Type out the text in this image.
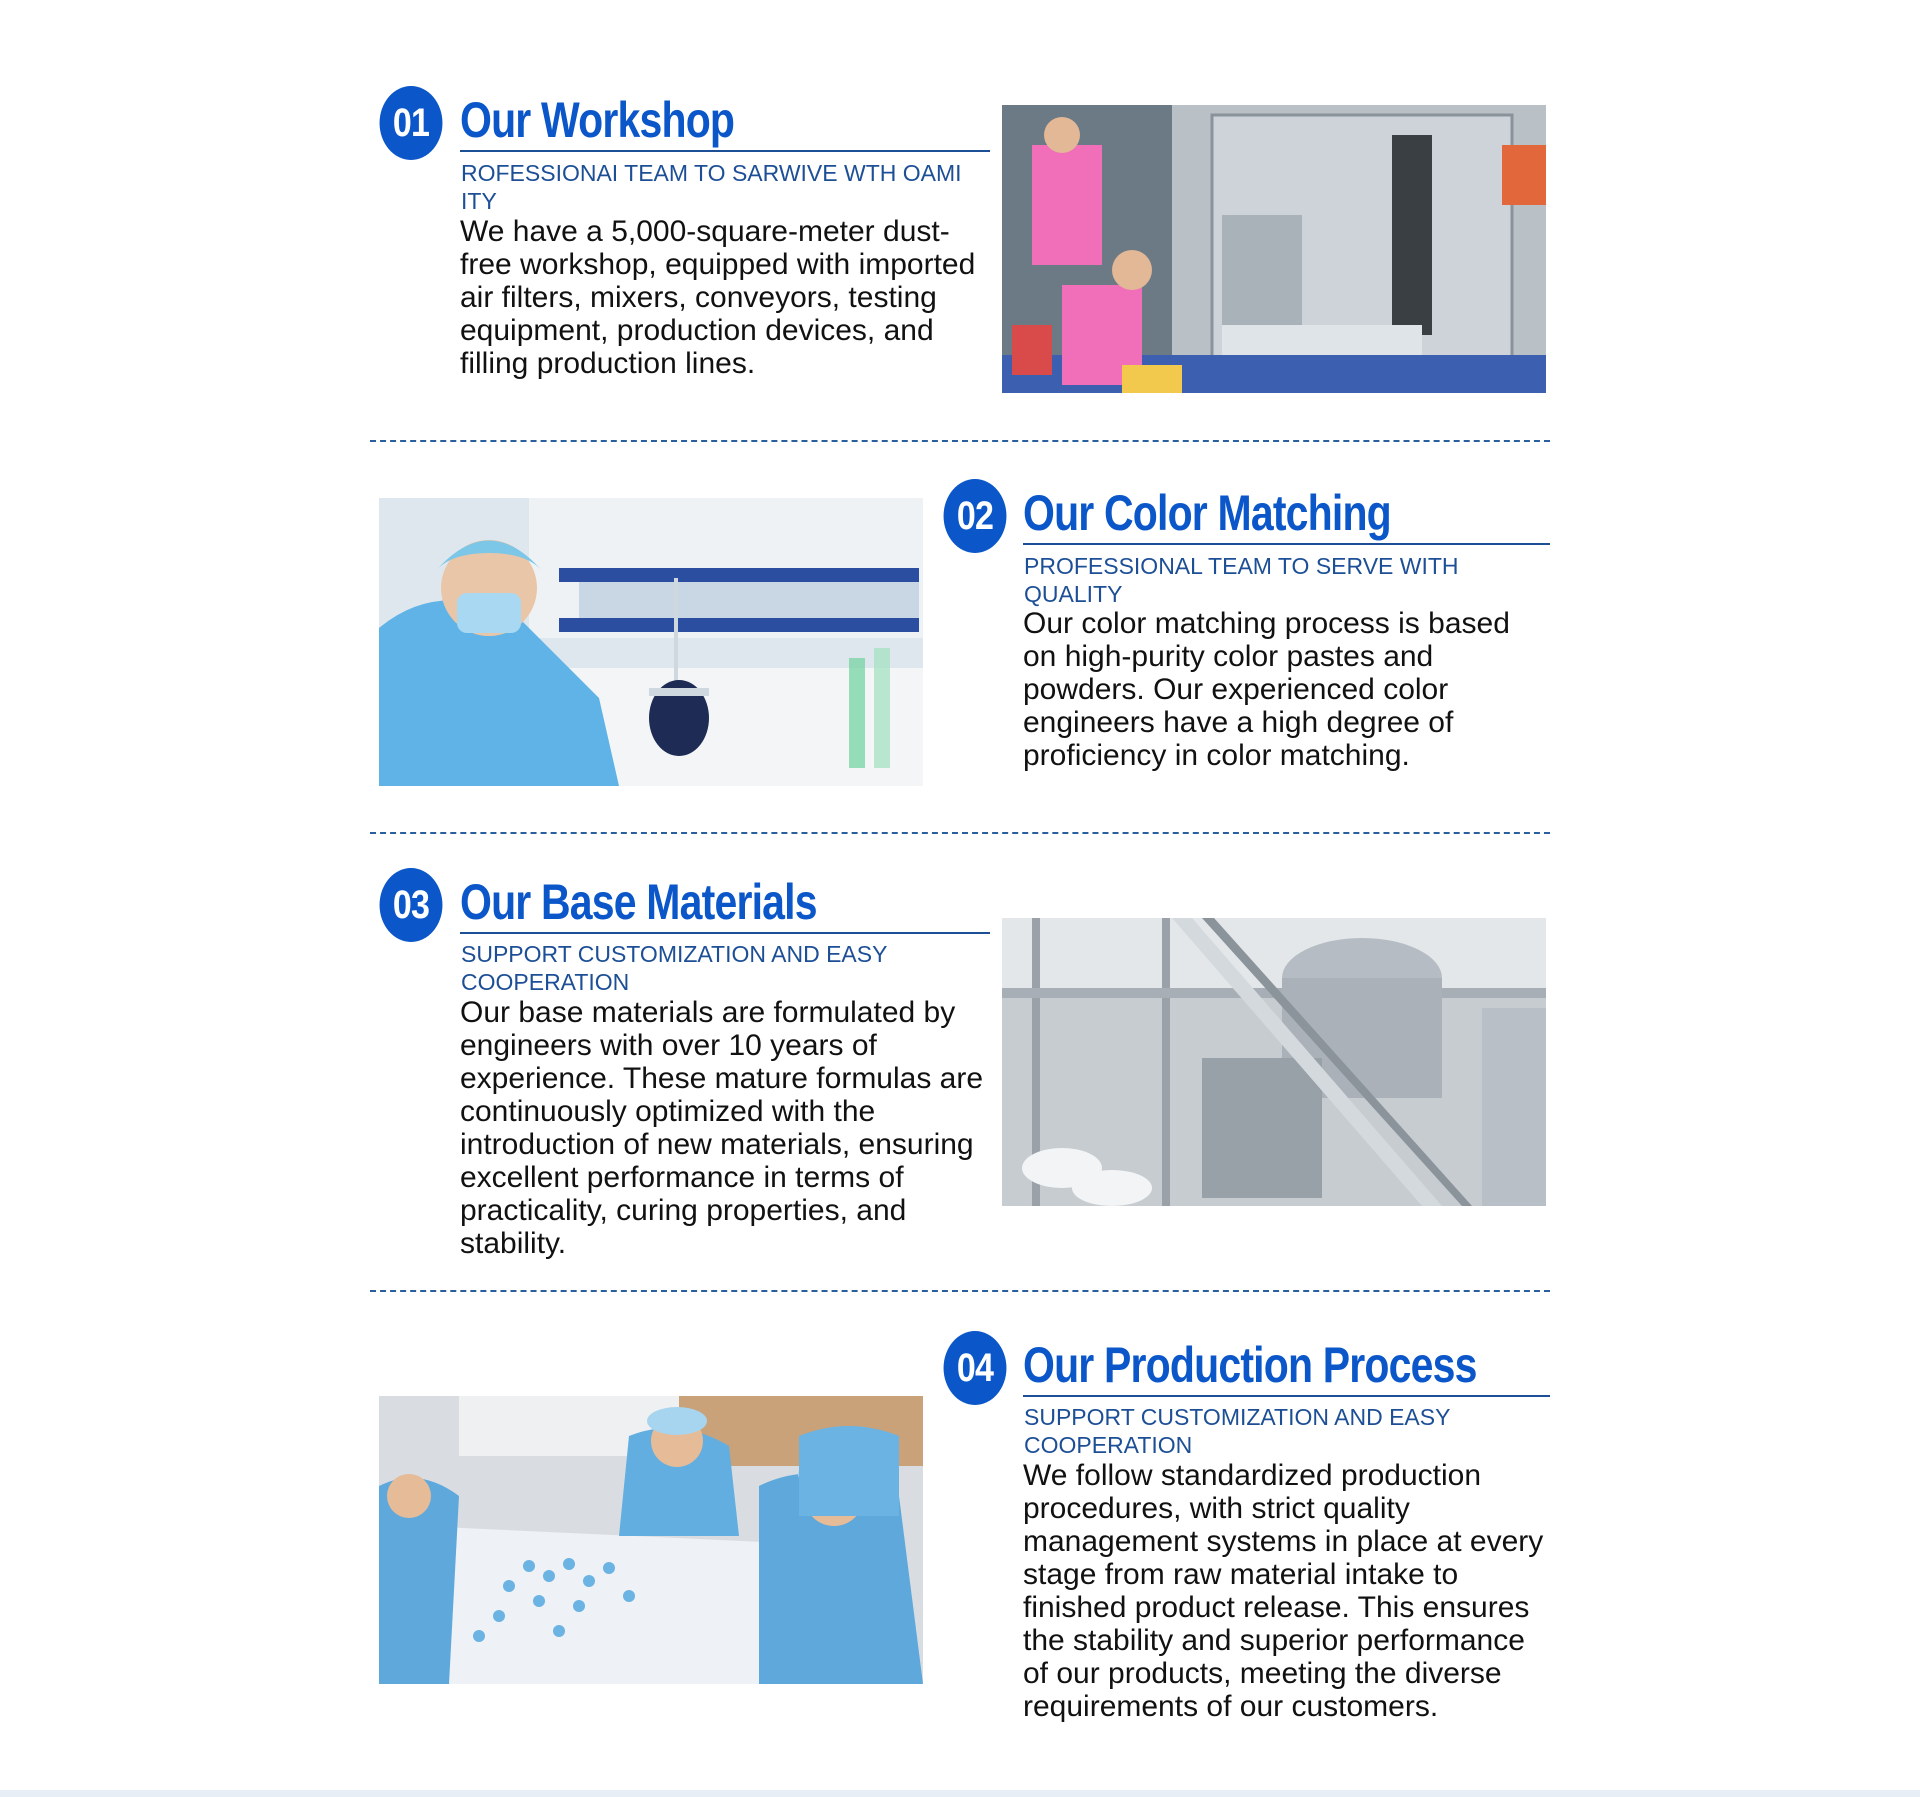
01 Our Workshop
ROFESSIONAI TEAM TO SARWIVE WTH OAMI ITY
We have a 5,000-square-meter dust-free workshop, equipped with imported air filters, mixers, conveyors, testing equipment, production devices, and filling production lines.
02 Our Color Matching
PROFESSIONAL TEAM TO SERVE WITH QUALITY
Our color matching process is based on high-purity color pastes and powders. Our experienced color engineers have a high degree of proficiency in color matching.
03 Our Base Materials
SUPPORT CUSTOMIZATION AND EASY COOPERATION
Our base materials are formulated by engineers with over 10 years of experience. These mature formulas are continuously optimized with the introduction of new materials, ensuring excellent performance in terms of practicality, curing properties, and stability.
04 Our Production Process
SUPPORT CUSTOMIZATION AND EASY COOPERATION
We follow standardized production procedures, with strict quality management systems in place at every stage from raw material intake to finished product release. This ensures the stability and superior performance of our products, meeting the diverse requirements of our customers.
